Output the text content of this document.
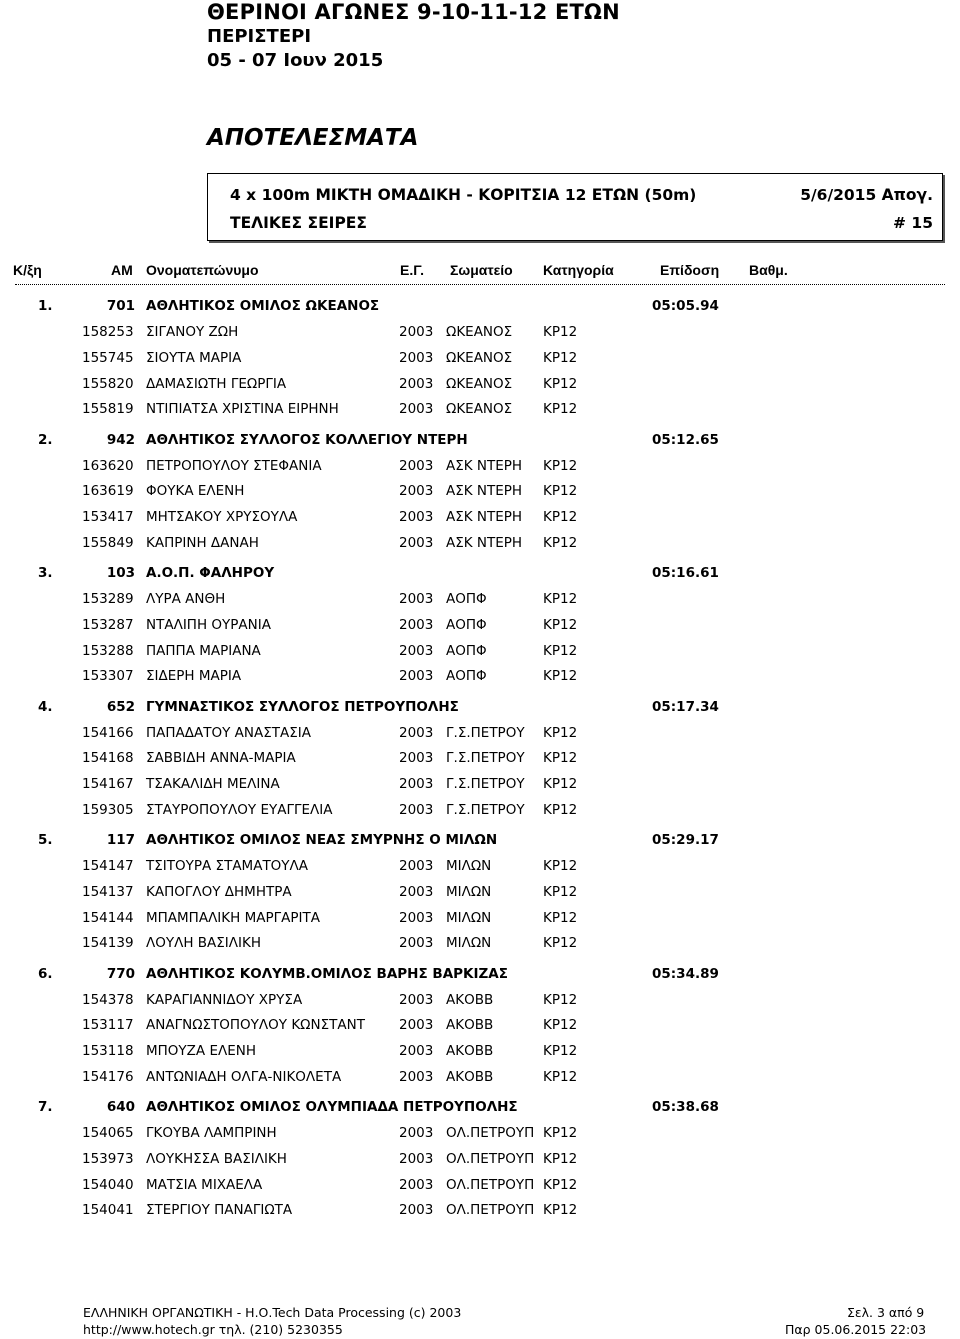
ΘΕΡΙΝΟΙ ΑΓΩΝΕΣ 9-10-11-12 ΕΤΩΝ
ΠΕΡΙΣΤΕΡΙ
05 - 07 Ιουν 2015
ΑΠΟΤΕΛΕΣΜΑΤΑ
4 x 100m ΜΙΚΤΗ ΟΜΑΔΙΚΗ - ΚΟΡΙΤΣΙΑ 12 ΕΤΩΝ (50m)	5/6/2015 Απογ.
ΤΕΛΙΚΕΣ ΣΕΙΡΕΣ	# 15
Κ/ξη	ΑΜ Ονοματεπώνυμο	Ε.Γ. Σωματείο Κατηγορία	Επίδοση Βαθμ.
1.	701 ΑΘΛΗΤΙΚΟΣ ΟΜΙΛΟΣ ΩΚΕΑΝΟΣ	05:05.94
158253 ΣΙΓΑΝΟΥ ΖΩΗ	2003 ΩΚΕΑΝΟΣ ΚΡ12
155745 ΣΙΟΥΤΑ ΜΑΡΙΑ	2003 ΩΚΕΑΝΟΣ ΚΡ12
155820 ΔΑΜΑΣΙΩΤΗ ΓΕΩΡΓΙΑ	2003 ΩΚΕΑΝΟΣ ΚΡ12
155819 ΝΤΙΠΙΑΤΣΑ ΧΡΙΣΤΙΝΑ ΕΙΡΗΝΗ	2003 ΩΚΕΑΝΟΣ ΚΡ12
2.	942 ΑΘΛΗΤΙΚΟΣ ΣΥΛΛΟΓΟΣ ΚΟΛΛΕΓΙΟΥ ΝΤΕΡΗ	05:12.65
163620 ΠΕΤΡΟΠΟΥΛΟΥ ΣΤΕΦΑΝΙΑ	2003 ΑΣΚ ΝΤΕΡΗ ΚΡ12
163619 ΦΟΥΚΑ ΕΛΕΝΗ	2003 ΑΣΚ ΝΤΕΡΗ ΚΡ12
153417 ΜΗΤΣΑΚΟΥ ΧΡΥΣΟΥΛΑ	2003 ΑΣΚ ΝΤΕΡΗ ΚΡ12
155849 ΚΑΠΡΙΝΗ ΔΑΝΑΗ	2003 ΑΣΚ ΝΤΕΡΗ ΚΡ12
3.	103 Α.Ο.Π. ΦΑΛΗΡΟΥ	05:16.61
153289 ΛΥΡΑ ΑΝΘΗ	2003 ΑΟΠΦ	ΚΡ12
153287 ΝΤΑΛΙΠΗ ΟΥΡΑΝΙΑ	2003 ΑΟΠΦ	ΚΡ12
153288 ΠΑΠΠΑ ΜΑΡΙΑΝΑ	2003 ΑΟΠΦ	ΚΡ12
153307 ΣΙΔΕΡΗ ΜΑΡΙΑ	2003 ΑΟΠΦ	ΚΡ12
4.	652 ΓΥΜΝΑΣΤΙΚΟΣ ΣΥΛΛΟΓΟΣ ΠΕΤΡΟΥΠΟΛΗΣ	05:17.34
154166 ΠΑΠΑΔΑΤΟΥ ΑΝΑΣΤΑΣΙΑ	2003 Γ.Σ.ΠΕΤΡΟΥ ΚΡ12
154168 ΣΑΒΒΙΔΗ ΑΝΝΑ-ΜΑΡΙΑ	2003 Γ.Σ.ΠΕΤΡΟΥ ΚΡ12
154167 ΤΣΑΚΑΛΙΔΗ ΜΕΛΙΝΑ	2003 Γ.Σ.ΠΕΤΡΟΥ ΚΡ12
159305 ΣΤΑΥΡΟΠΟΥΛΟΥ ΕΥΑΓΓΕΛΙΑ	2003 Γ.Σ.ΠΕΤΡΟΥ ΚΡ12
5.	117 ΑΘΛΗΤΙΚΟΣ ΟΜΙΛΟΣ ΝΕΑΣ ΣΜΥΡΝΗΣ Ο ΜΙΛΩΝ	05:29.17
154147 ΤΣΙΤΟΥΡΑ ΣΤΑΜΑΤΟΥΛΑ	2003 ΜΙΛΩΝ	ΚΡ12
154137 ΚΑΠΟΓΛΟΥ ΔΗΜΗΤΡΑ	2003 ΜΙΛΩΝ	ΚΡ12
154144 ΜΠΑΜΠΑΛΙΚΗ ΜΑΡΓΑΡΙΤΑ	2003 ΜΙΛΩΝ	ΚΡ12
154139 ΛΟΥΛΗ ΒΑΣΙΛΙΚΗ	2003 ΜΙΛΩΝ	ΚΡ12
6.	770 ΑΘΛΗΤΙΚΟΣ ΚΟΛΥΜΒ.ΟΜΙΛΟΣ ΒΑΡΗΣ ΒΑΡΚΙΖΑΣ	05:34.89
154378 ΚΑΡΑΓΙΑΝΝΙΔΟΥ ΧΡΥΣΑ	2003 ΑΚΟΒΒ	ΚΡ12
153117 ΑΝΑΓΝΩΣΤΟΠΟΥΛΟΥ ΚΩΝΣΤΑΝΤ	2003 ΑΚΟΒΒ	ΚΡ12
153118 ΜΠΟΥΖΑ ΕΛΕΝΗ	2003 ΑΚΟΒΒ	ΚΡ12
154176 ΑΝΤΩΝΙΑΔΗ ΟΛΓΑ-ΝΙΚΟΛΕΤΑ	2003 ΑΚΟΒΒ	ΚΡ12
7.	640 ΑΘΛΗΤΙΚΟΣ ΟΜΙΛΟΣ ΟΛΥΜΠΙΑΔΑ ΠΕΤΡΟΥΠΟΛΗΣ	05:38.68
154065 ΓΚΟΥΒΑ ΛΑΜΠΡΙΝΗ	2003 ΟΛ.ΠΕΤΡΟΥΠ ΚΡ12
153973 ΛΟΥΚΗΣΣΑ ΒΑΣΙΛΙΚΗ	2003 ΟΛ.ΠΕΤΡΟΥΠ ΚΡ12
154040 ΜΑΤΣΙΑ ΜΙΧΑΕΛΑ	2003 ΟΛ.ΠΕΤΡΟΥΠ ΚΡ12
154041 ΣΤΕΡΓΙΟΥ ΠΑΝΑΓΙΩΤΑ	2003 ΟΛ.ΠΕΤΡΟΥΠ ΚΡ12
ΕΛΛΗΝΙΚΗ ΟΡΓΑΝΩΤΙΚΗ - Η.Ο.Tech Data Processing (c) 2003
http://www.hotech.gr τηλ. (210) 5230355
Σελ. 3 από 9
Παρ 05.06.2015 22:03
